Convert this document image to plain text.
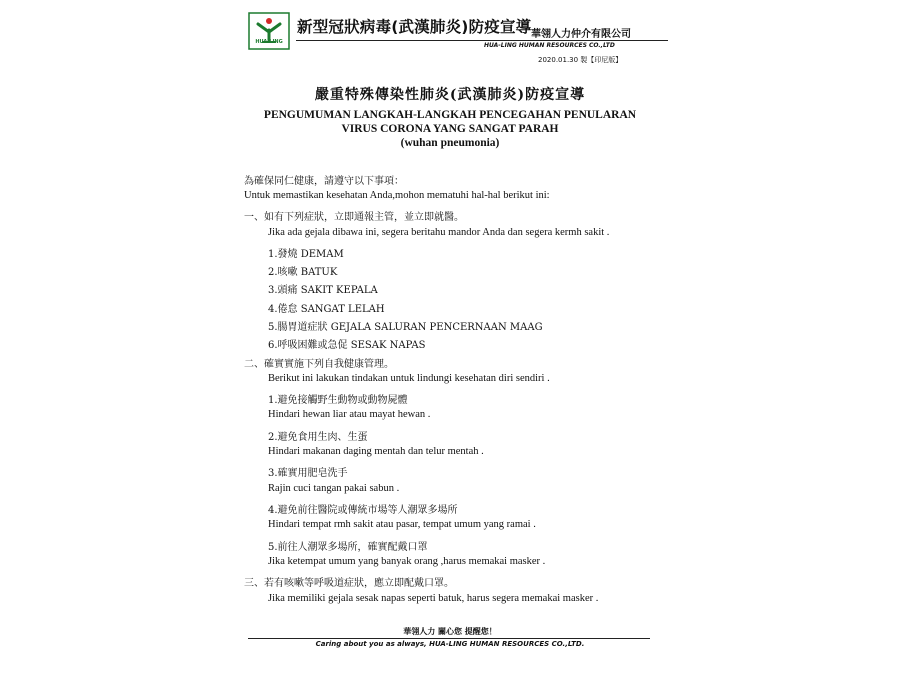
HUA-LING
新型冠狀病毒(武漢肺炎)防疫宣導 華翎人力仲介有限公司
HUA-LING HUMAN RESOURCES CO.,LTD
2020.01.30 製【印尼版】
嚴重特殊傳染性肺炎(武漢肺炎)防疫宣導
PENGUMUMAN LANGKAH-LANGKAH PENCEGAHAN PENULARAN
VIRUS CORONA YANG SANGAT PARAH
(wuhan pneumonia)
為確保同仁健康，請遵守以下事項：
Untuk memastikan kesehatan Anda,mohon mematuhi hal-hal berikut ini:
一、如有下列症狀，立即通報主管，並立即就醫。
Jika ada gejala dibawa ini, segera beritahu mandor Anda dan segera kermh sakit .
1.發燒 DEMAM
2.咳嗽 BATUK
3.頭痛 SAKIT KEPALA
4.倦怠 SANGAT LELAH
5.腸胃道症狀 GEJALA SALURAN PENCERNAAN MAAG
6.呼吸困難或急促 SESAK NAPAS
二、確實實施下列自我健康管理。
Berikut ini lakukan tindakan untuk lindungi kesehatan diri sendiri .
1.避免接觸野生動物或動物屍體
Hindari hewan liar atau mayat hewan .
2.避免食用生肉、生蛋
Hindari makanan daging mentah dan telur mentah .
3.確實用肥皂洗手
Rajin cuci tangan pakai sabun .
4.避免前往醫院或傳統市場等人潮眾多場所
Hindari tempat rmh sakit atau pasar, tempat umum yang ramai .
5.前往人潮眾多場所，確實配戴口罩
Jika ketempat umum yang banyak orang ,harus memakai masker .
三、若有咳嗽等呼吸道症狀，應立即配戴口罩。
Jika memiliki gejala sesak napas seperti batuk, harus segera memakai masker .
華翎人力 關心您 提醒您！
Caring about you as always, HUA-LING HUMAN RESOURCES CO.,LTD.
